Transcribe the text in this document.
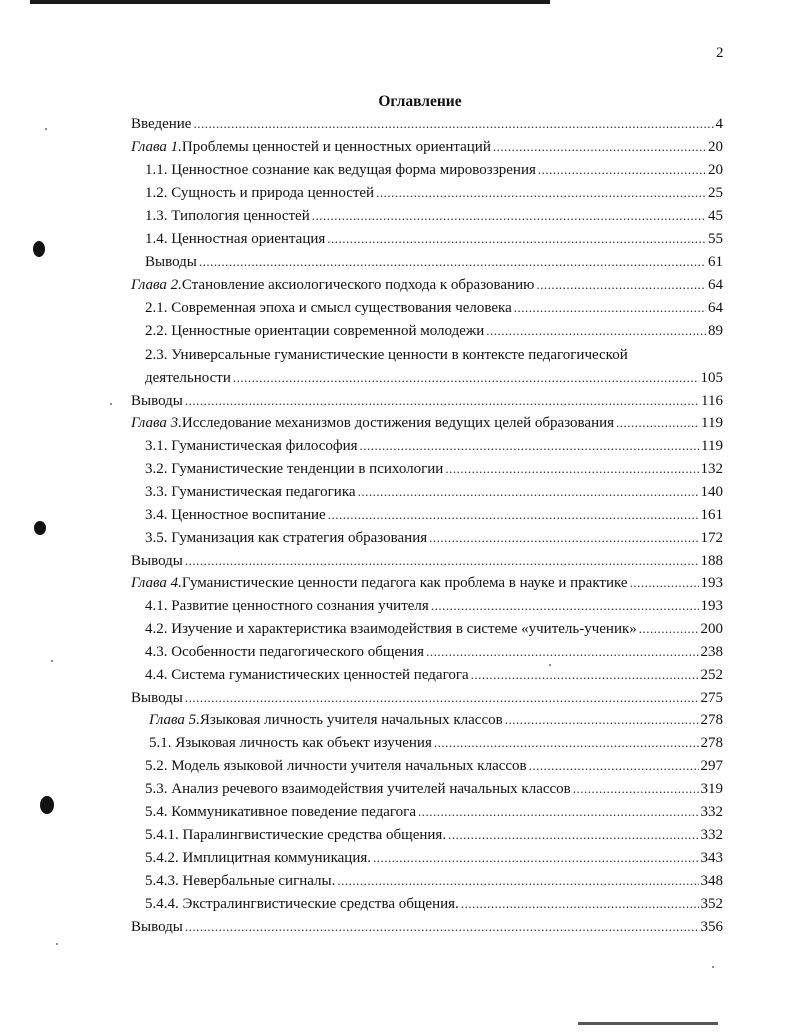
2
Оглавление
Введение .....	4
Глава 1. Проблемы ценностей и ценностных ориентаций .....	20
1.1. Ценностное сознание как ведущая форма мировоззрения .....	20
1.2. Сущность и природа ценностей .....	25
1.3. Типология ценностей .....	45
1.4. Ценностная ориентация .....	55
Выводы .....	61
Глава 2. Становление аксиологического подхода к образованию .....	64
2.1. Современная эпоха и смысл существования человека .....	64
2.2. Ценностные ориентации современной молодежи .....	89
2.3. Универсальные гуманистические ценности в контексте педагогической
деятельности .....	105
Выводы .....	116
Глава 3. Исследование механизмов достижения ведущих целей образования .....	119
3.1. Гуманистическая философия .....	119
3.2. Гуманистические тенденции в психологии .....	132
3.3. Гуманистическая педагогика .....	140
3.4. Ценностное воспитание .....	161
3.5. Гуманизация как стратегия образования .....	172
Выводы .....	188
Глава 4. Гуманистические ценности педагога как проблема в науке и практике .....	193
4.1. Развитие ценностного сознания учителя .....	193
4.2. Изучение и характеристика взаимодействия в системе «учитель-ученик» .....	200
4.3. Особенности педагогического общения .....	238
4.4. Система гуманистических ценностей педагога .....	252
Выводы .....	275
Глава 5. Языковая личность учителя начальных классов .....	278
5.1. Языковая личность как объект изучения .....	278
5.2. Модель языковой личности учителя начальных классов .....	297
5.3. Анализ речевого взаимодействия учителей начальных классов .....	319
5.4. Коммуникативное поведение педагога .....	332
5.4.1. Паралингвистические средства общения. .....	332
5.4.2. Имплицитная коммуникация. .....	343
5.4.3. Невербальные сигналы. .....	348
5.4.4. Экстралингвистические средства общения. .....	352
Выводы .....	356
